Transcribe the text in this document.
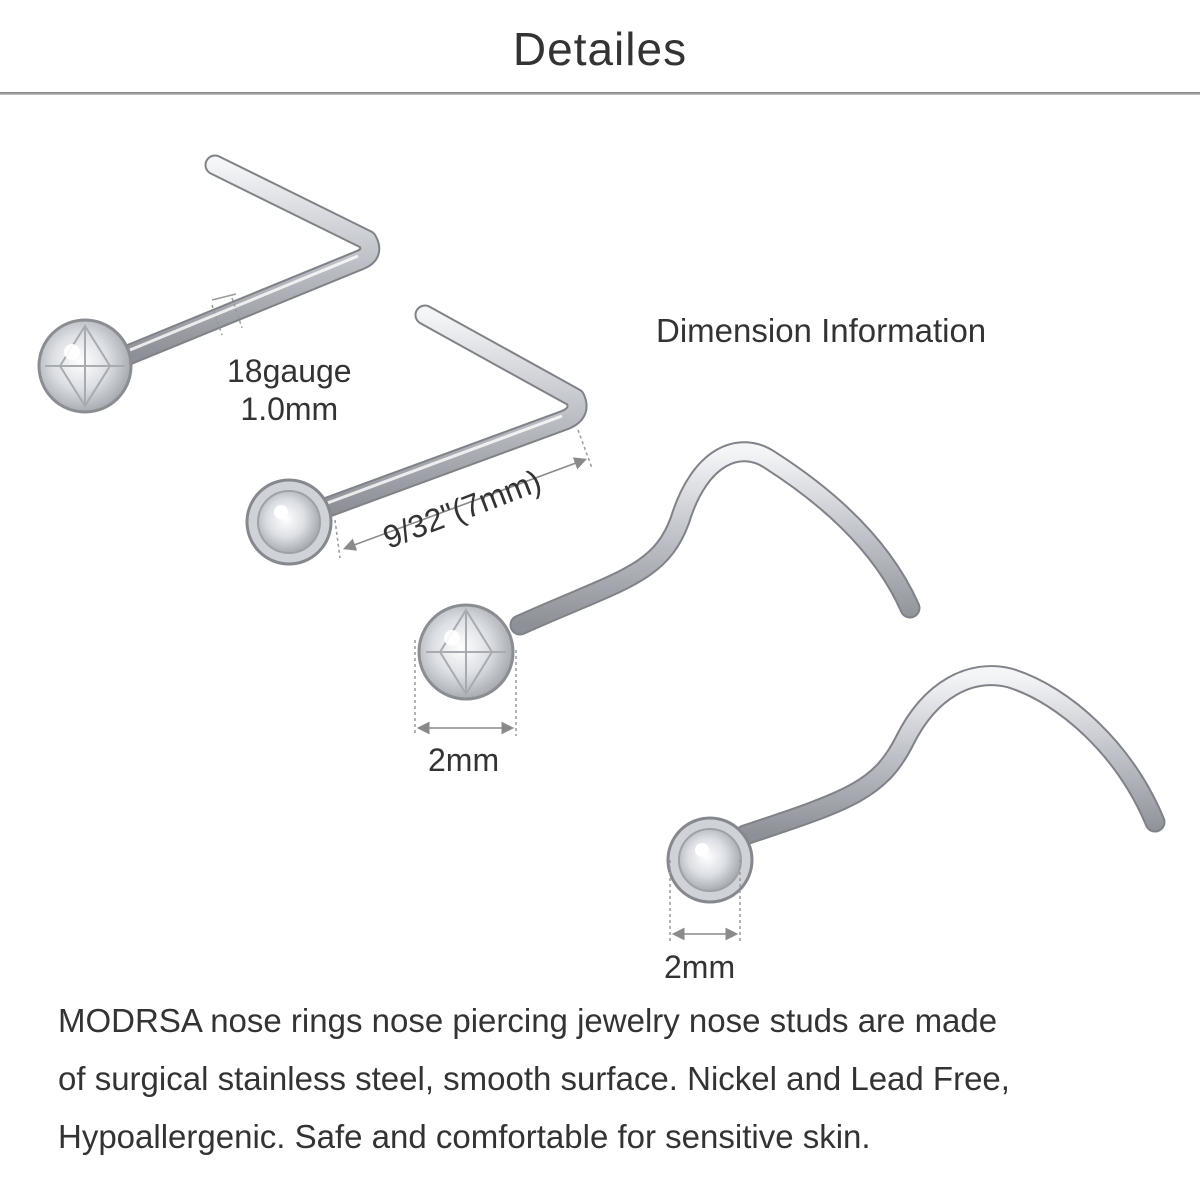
Detailes
Dimension Information
18gauge
1.0mm
9/32"(7mm)
2mm
2mm
MODRSA nose rings nose piercing jewelry nose studs are made
of surgical stainless steel, smooth surface. Nickel and Lead Free,
Hypoallergenic. Safe and comfortable for sensitive skin.
